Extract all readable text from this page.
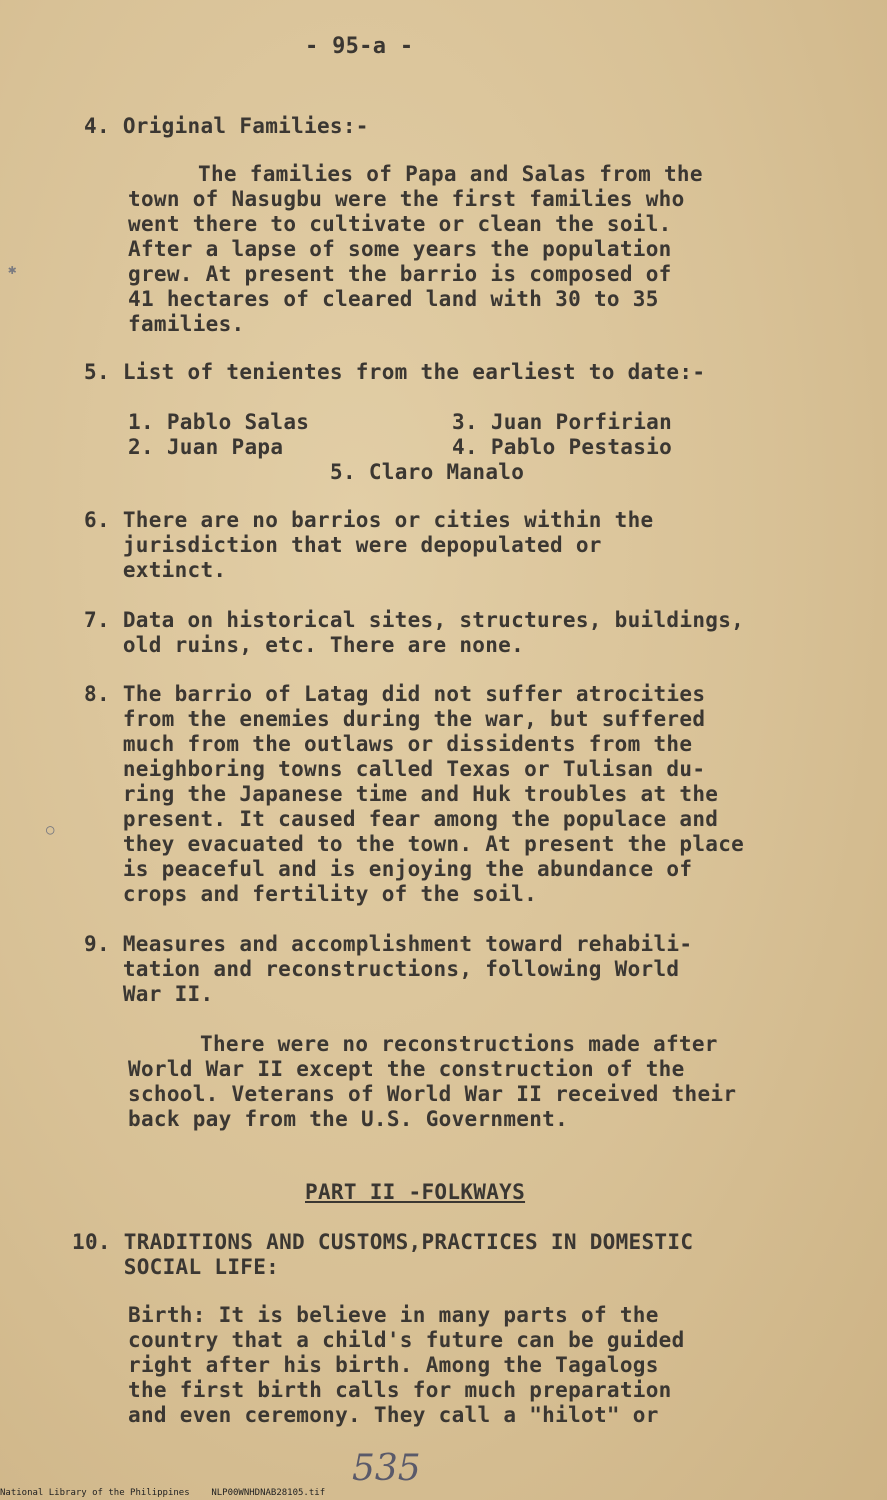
✱
○
- 95-a -
4. Original Families:-
The families of Papa and Salas from the
town of Nasugbu were the first families who
went there to cultivate or clean the soil.
After a lapse of some years the population
grew. At present the barrio is composed of
41 hectares of cleared land with 30 to 35
families.
5. List of tenientes from the earliest to date:-
1. Pablo Salas	3. Juan Porfirian
2. Juan Papa	4. Pablo Pestasio
5. Claro Manalo
6. There are no barrios or cities within the
jurisdiction that were depopulated or
extinct.
7. Data on historical sites, structures, buildings,
old ruins, etc. There are none.
8. The barrio of Latag did not suffer atrocities
from the enemies during the war, but suffered
much from the outlaws or dissidents from the
neighboring towns called Texas or Tulisan du-
ring the Japanese time and Huk troubles at the
present. It caused fear among the populace and
they evacuated to the town. At present the place
is peaceful and is enjoying the abundance of
crops and fertility of the soil.
9. Measures and accomplishment toward rehabili-
tation and reconstructions, following World
War II.
There were no reconstructions made after
World War II except the construction of the
school. Veterans of World War II received their
back pay from the U.S. Government.
PART II -FOLKWAYS
10. TRADITIONS AND CUSTOMS,PRACTICES IN DOMESTIC
SOCIAL LIFE:
Birth: It is believe in many parts of the
country that a child's future can be guided
right after his birth. Among the Tagalogs
the first birth calls for much preparation
and even ceremony. They call a "hilot" or
535
National Library of the Philippines    NLP00WNHDNAB28105.tif
